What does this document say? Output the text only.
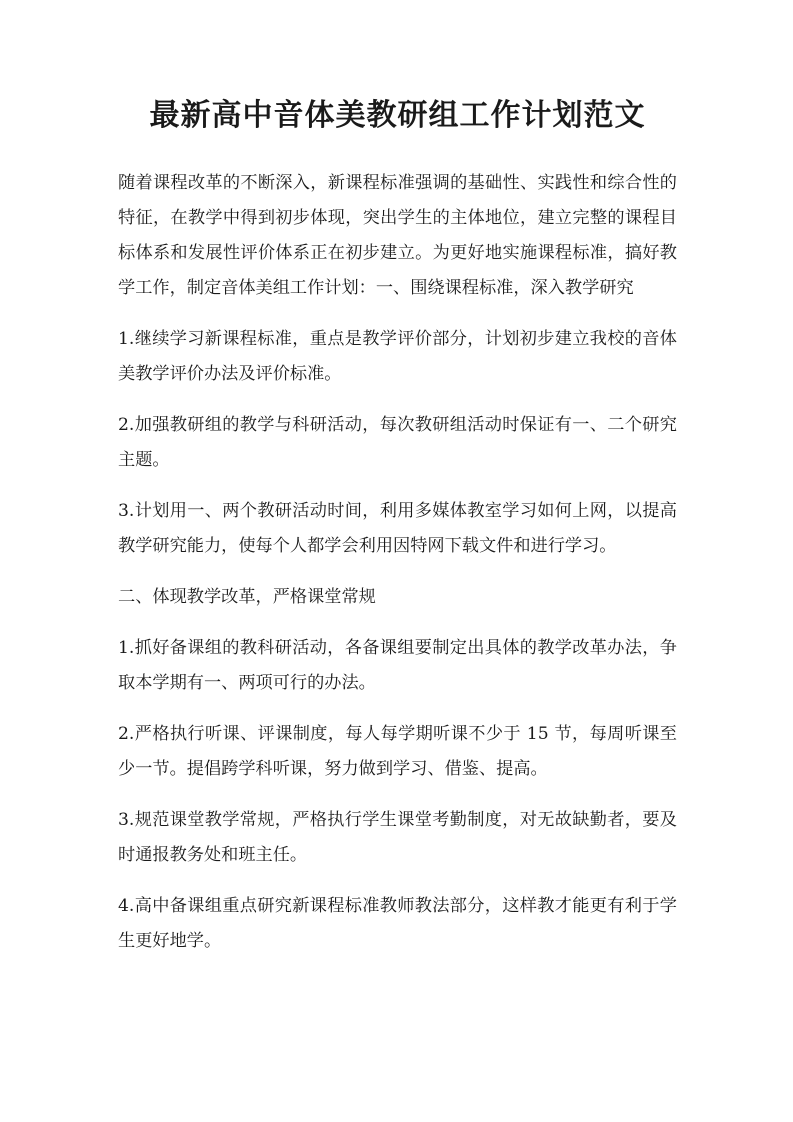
最新高中音体美教研组工作计划范文

随着课程改革的不断深入，新课程标准强调的基础性、实践性和综合性的特征，在教学中得到初步体现，突出学生的主体地位，建立完整的课程目标体系和发展性评价体系正在初步建立。为更好地实施课程标准，搞好教学工作，制定音体美组工作计划：一、围绕课程标准，深入教学研究

1.继续学习新课程标准，重点是教学评价部分，计划初步建立我校的音体美教学评价办法及评价标准。

2.加强教研组的教学与科研活动，每次教研组活动时保证有一、二个研究主题。

3.计划用一、两个教研活动时间，利用多媒体教室学习如何上网，以提高教学研究能力，使每个人都学会利用因特网下载文件和进行学习。

二、体现教学改革，严格课堂常规

1.抓好备课组的教科研活动，各备课组要制定出具体的教学改革办法，争取本学期有一、两项可行的办法。

2.严格执行听课、评课制度，每人每学期听课不少于 15 节，每周听课至少一节。提倡跨学科听课，努力做到学习、借鉴、提高。

3.规范课堂教学常规，严格执行学生课堂考勤制度，对无故缺勤者，要及时通报教务处和班主任。

4.高中备课组重点研究新课程标准教师教法部分，这样教才能更有利于学生更好地学。
